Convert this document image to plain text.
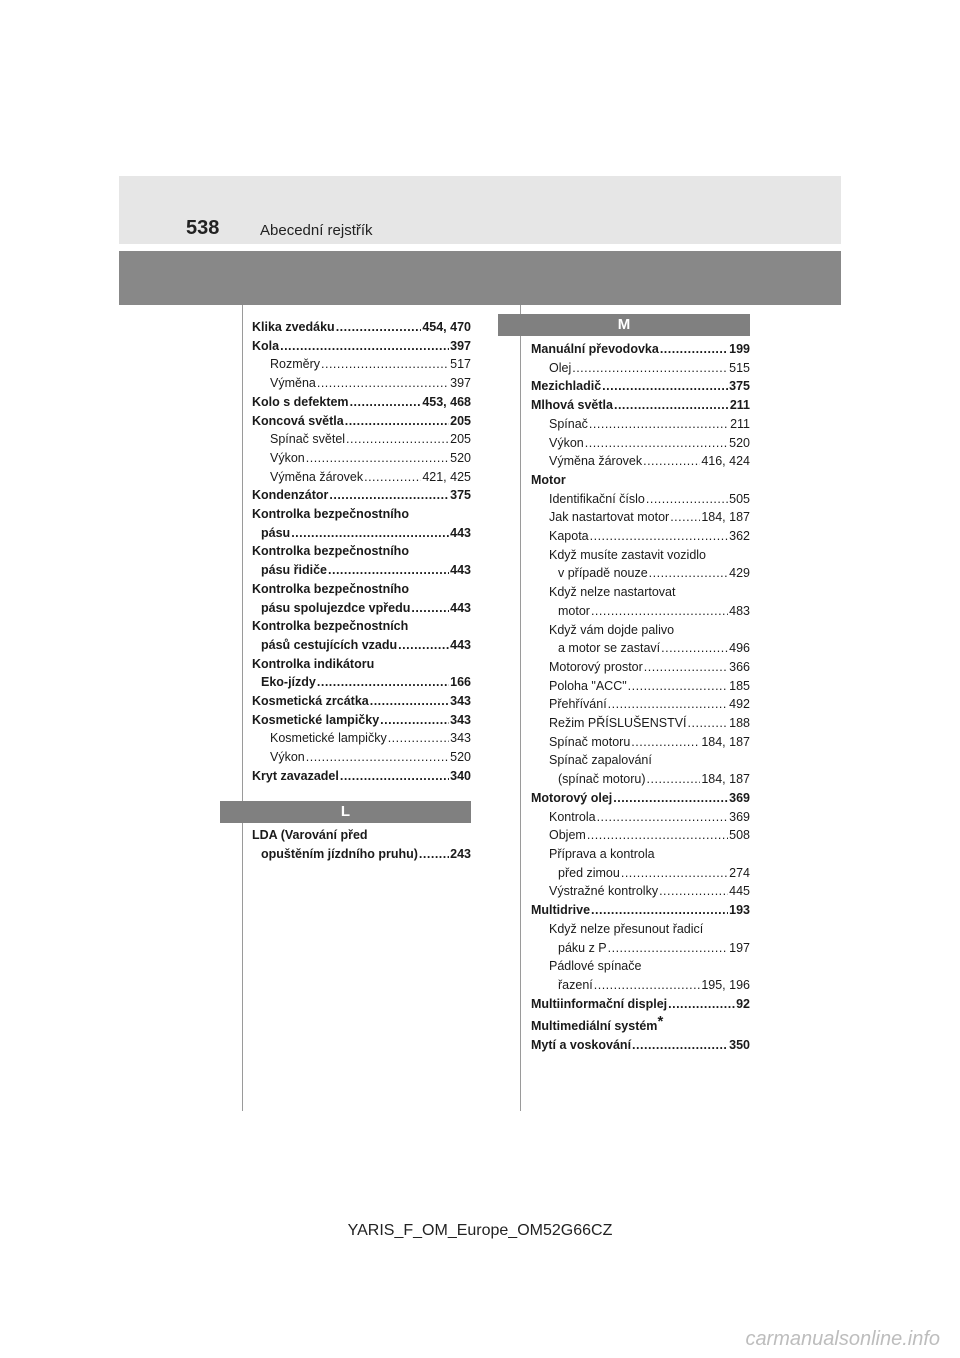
538	Abecední rejstřík
Klika zvedáku .....	454, 470
Kola .....	397
Rozměry .....	517
Výměna .....	397
Kolo s defektem .....	453, 468
Koncová světla .....	205
Spínač světel .....	205
Výkon .....	520
Výměna žárovek .....	421, 425
Kondenzátor .....	375
Kontrolka bezpečnostního
pásu .....	443
Kontrolka bezpečnostního
pásu řidiče .....	443
Kontrolka bezpečnostního
pásu spolujezdce vpředu .....	443
Kontrolka bezpečnostních
pásů cestujících vzadu .....	443
Kontrolka indikátoru
Eko-jízdy .....	166
Kosmetická zrcátka .....	343
Kosmetické lampičky .....	343
Kosmetické lampičky .....	343
Výkon .....	520
Kryt zavazadel .....	340
L
LDA (Varování před
opuštěním jízdního pruhu) .....	243
M
Manuální převodovka .....	199
Olej .....	515
Mezichladič .....	375
Mlhová světla .....	211
Spínač .....	211
Výkon .....	520
Výměna žárovek .....	416, 424
Motor
Identifikační číslo .....	505
Jak nastartovat motor .....	184, 187
Kapota .....	362
Když musíte zastavit vozidlo
v případě nouze .....	429
Když nelze nastartovat
motor .....	483
Když vám dojde palivo
a motor se zastaví .....	496
Motorový prostor .....	366
Poloha "ACC" .....	185
Přehřívání .....	492
Režim PŘÍSLUŠENSTVÍ .....	188
Spínač motoru .....	184, 187
Spínač zapalování
(spínač motoru) .....	184, 187
Motorový olej .....	369
Kontrola .....	369
Objem .....	508
Příprava a kontrola
před zimou .....	274
Výstražné kontrolky .....	445
Multidrive .....	193
Když nelze přesunout řadicí
páku z P .....	197
Pádlové spínače
řazení .....	195, 196
Multiinformační displej .....	92
Multimediální systém*
Mytí a voskování .....	350
YARIS_F_OM_Europe_OM52G66CZ
carmanualsonline.info
